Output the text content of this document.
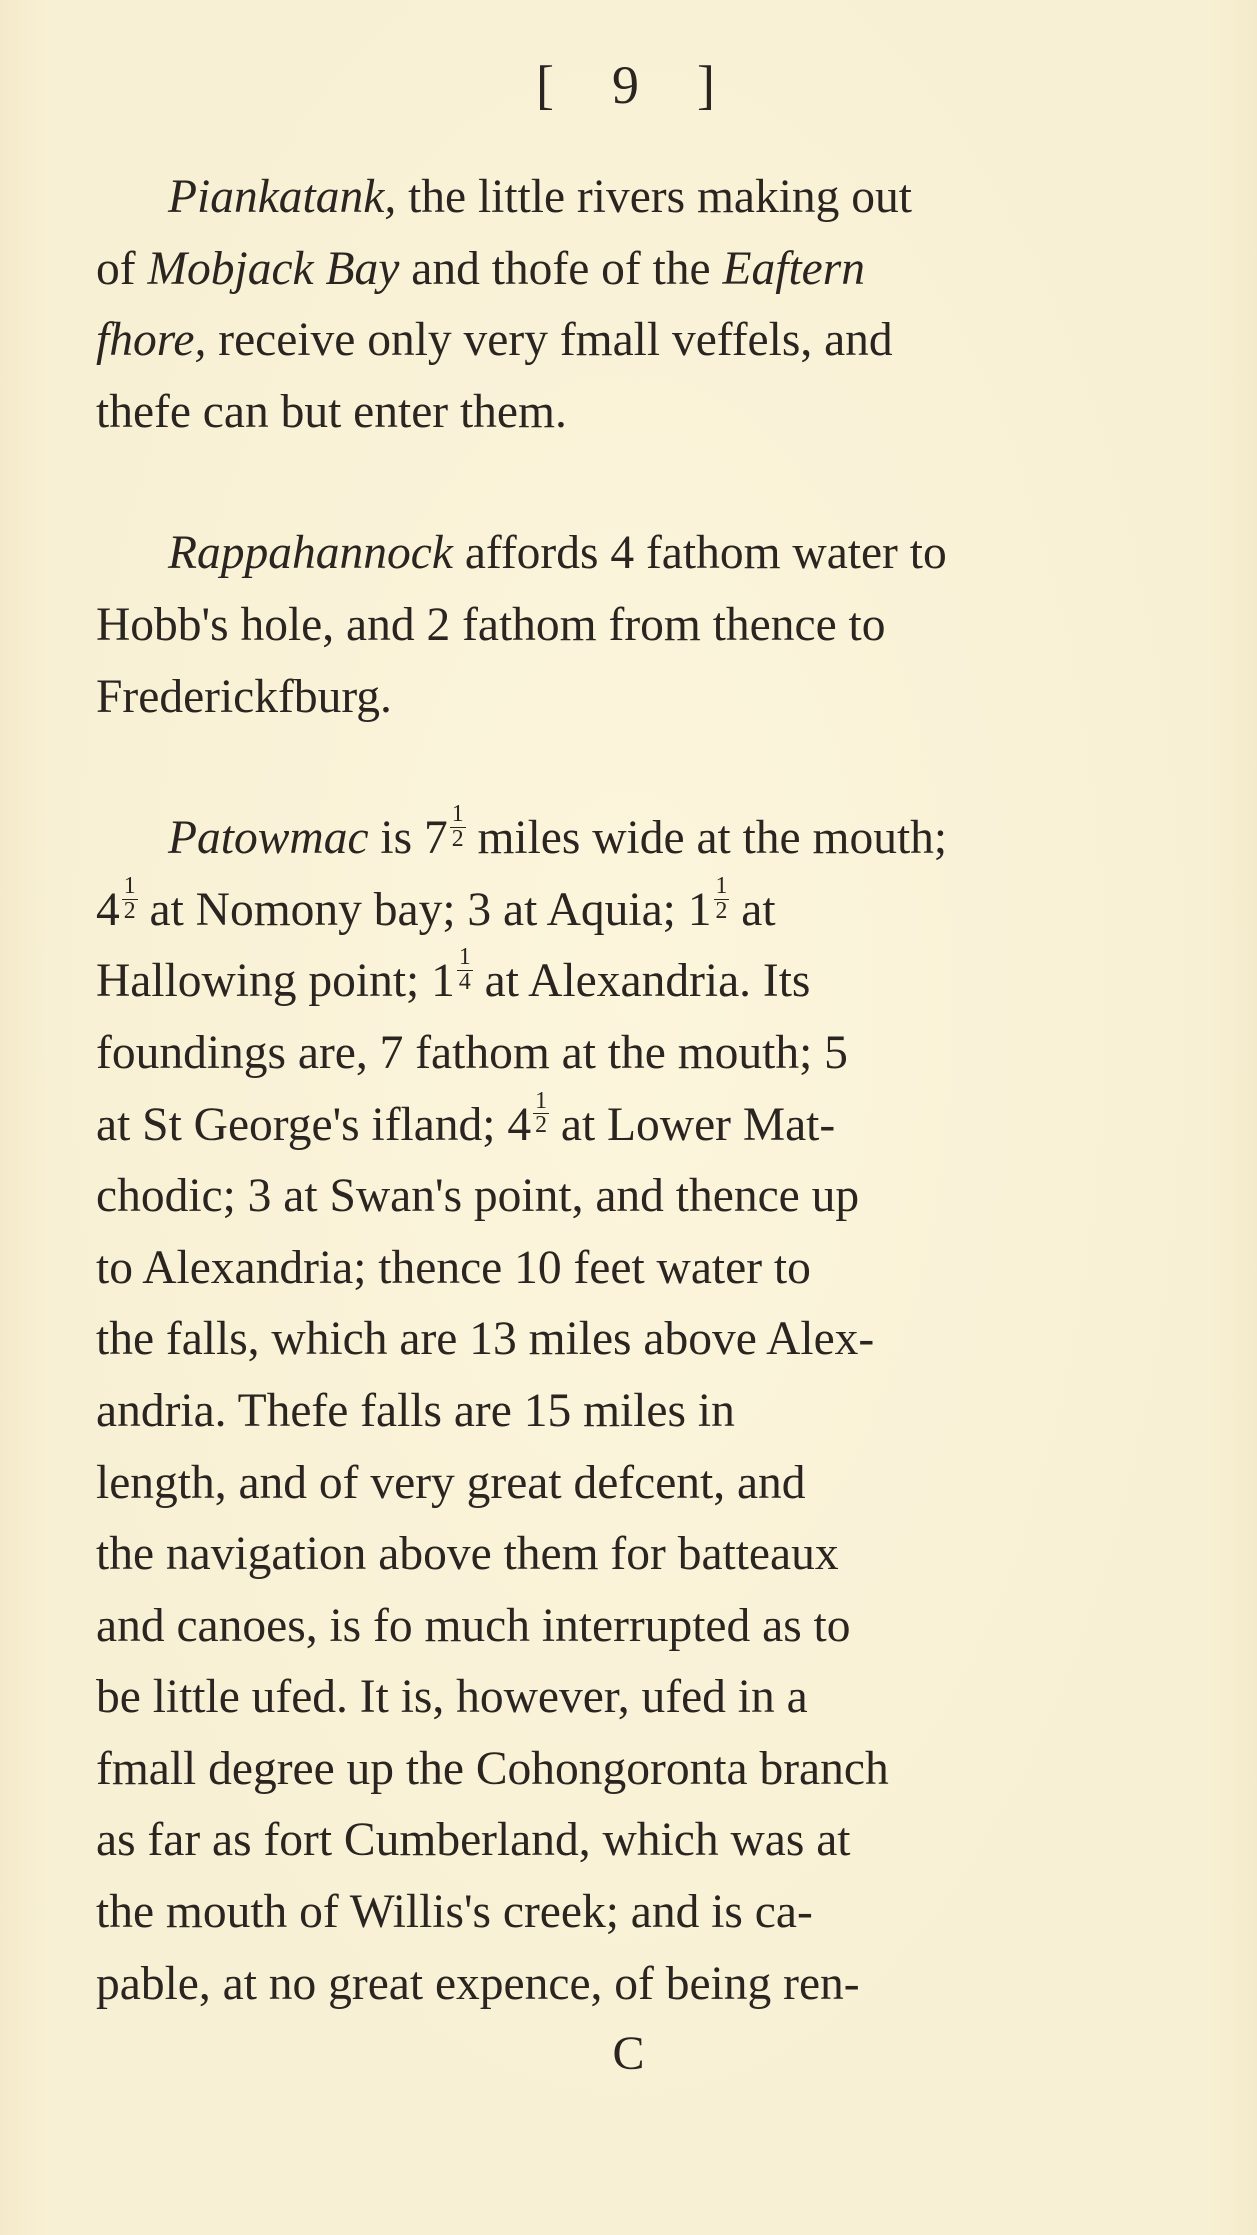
[ 9 ]
Piankatank, the little rivers making out
of Mobjack Bay and thofe of the Eaftern
fhore, receive only very fmall veffels, and
thefe can but enter them.
Rappahannock affords 4 fathom water to
Hobb's hole, and 2 fathom from thence to
Frederickfburg.
Patowmac is $7 \frac{1}{2}$ miles wide at the mouth;
$4 \frac{1}{2}$ at Nomony bay; 3 at Aquia; $1 \frac{1}{2}$ at
Hallowing point; $1 \frac{1}{4}$ at Alexandria. Its
foundings are, 7 fathom at the mouth; 5
at St George's ifland; $4 \frac{1}{2}$ at Lower Mat-
chodic; 3 at Swan's point, and thence up
to Alexandria; thence 10 feet water to
the falls, which are 13 miles above Alex-
andria. Thefe falls are 15 miles in
length, and of very great defcent, and
the navigation above them for batteaux
and canoes, is fo much interrupted as to
be little ufed. It is, however, ufed in a
fmall degree up the Cohongoronta branch
as far as fort Cumberland, which was at
the mouth of Willis's creek; and is ca-
pable, at no great expence, of being ren-
C
